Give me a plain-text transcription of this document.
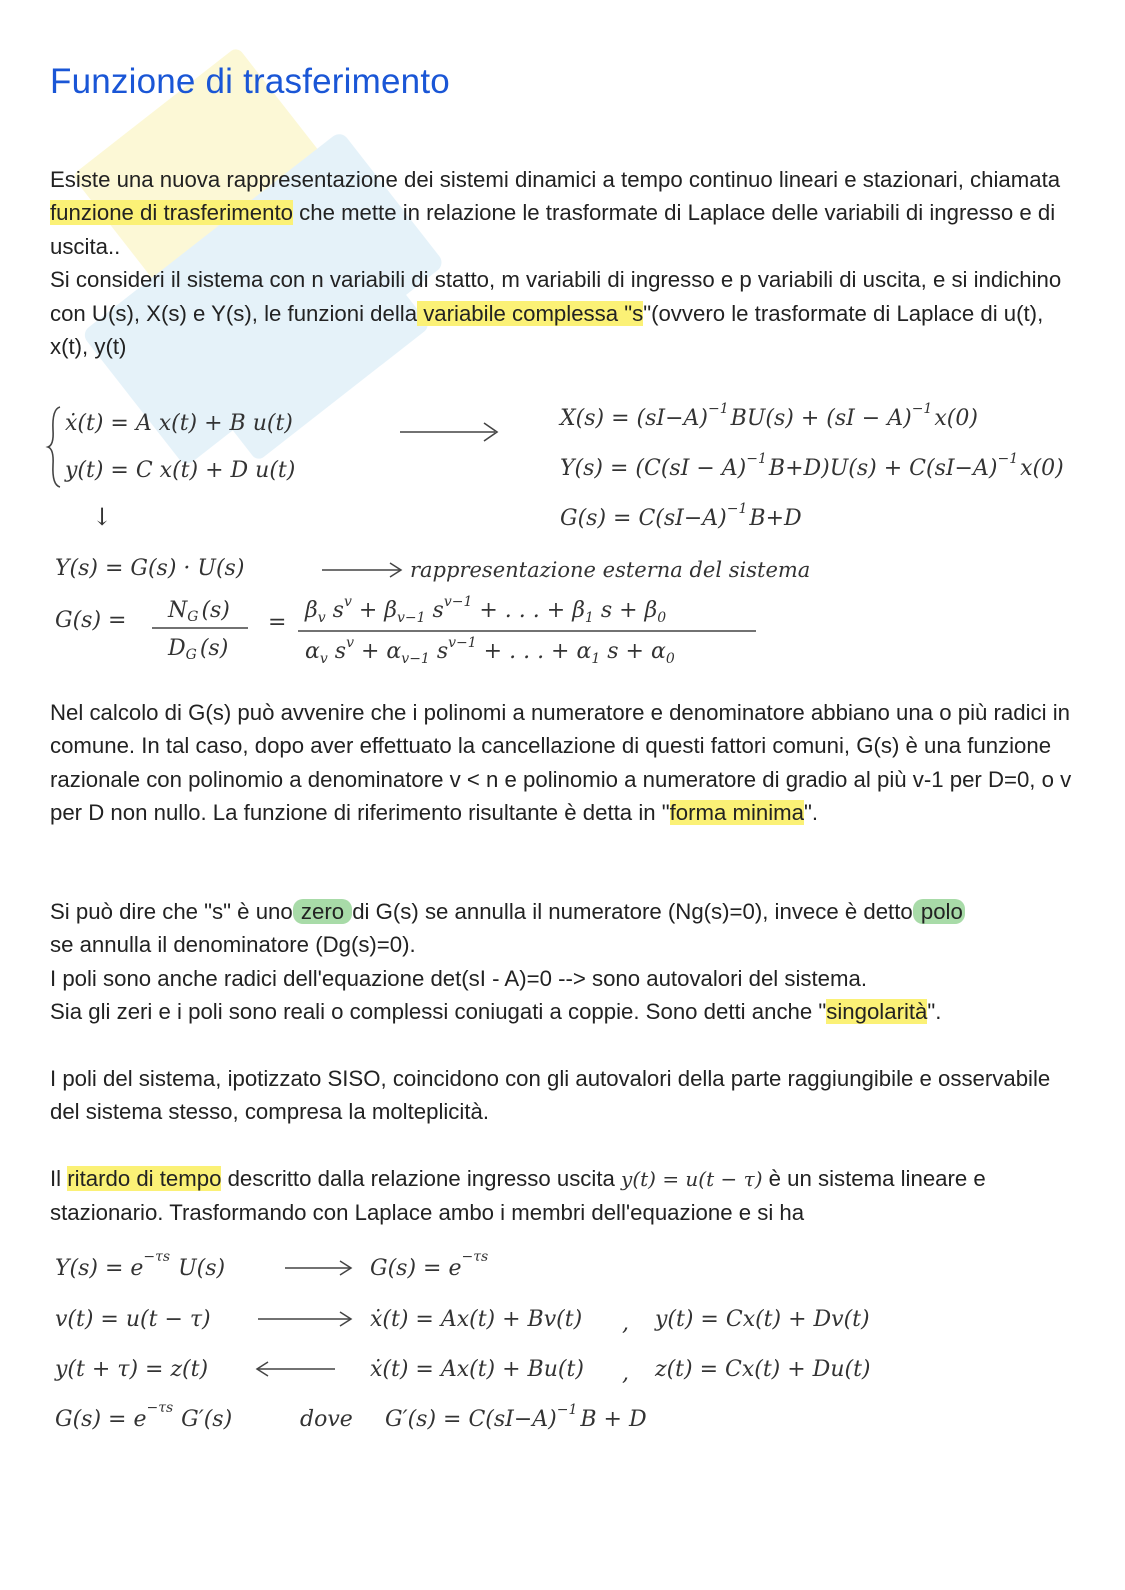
Funzione di trasferimento

Esiste una nuova rappresentazione dei sistemi dinamici a tempo continuo lineari e stazionari, chiamata funzione di trasferimento che mette in relazione le trasformate di Laplace delle variabili di ingresso e di uscita..
Si consideri il sistema con n variabili di statto, m variabili di ingresso e p variabili di uscita, e si indichino con U(s), X(s) e Y(s), le funzioni della variabile complessa "s"(ovvero le trasformate di Laplace di u(t), x(t), y(t)

ẋ(t) = A x(t) + B u(t)
y(t) = C x(t) + D u(t)
↓
$X(s) = (sI-A)^{-1}BU(s) + (sI - A)^{-1}x(0)$
$Y(s) = (C(sI - A)^{-1}B+D)U(s) + C(sI-A)^{-1}x(0)$
$G(s) = C(sI-A)^{-1}B+D$
Y(s) = G(s) · U(s)	rappresentazione esterna del sistema
G(s) = NG (s)
DG (s)
= $\beta_v$ $s^v + \beta_{v-1}$ $s^{v-1}$ + . . . + $\beta_1$ $s + \beta_0$
$\alpha_v$ $s^v + \alpha_{v-1}$ $s^{v-1}$ + . . . + $\alpha_1$ $s + \alpha_0$

Nel calcolo di G(s) può avvenire che i polinomi a numeratore e denominatore abbiano una o più radici in comune. In tal caso, dopo aver effettuato la cancellazione di questi fattori comuni, G(s) è una funzione razionale con polinomio a denominatore v < n e polinomio a numeratore di gradio al più v-1 per D=0, o v per D non nullo. La funzione di riferimento risultante è detta in "forma minima".

Si può dire che "s" è uno zero di G(s) se annulla il numeratore (Ng(s)=0), invece è detto polo
se annulla il denominatore (Dg(s)=0).
I poli sono anche radici dell'equazione det(sI - A)=0 --> sono autovalori del sistema.
Sia gli zeri e i poli sono reali o complessi coniugati a coppie. Sono detti anche "singolarità".

I poli del sistema, ipotizzato SISO, coincidono con gli autovalori della parte raggiungibile e osservabile del sistema stesso, compresa la molteplicità.

Il ritardo di tempo descritto dalla relazione ingresso uscita y(t) = u(t − τ) è un sistema lineare e stazionario. Trasformando con Laplace ambo i membri dell'equazione e si ha

$Y(s) = e^{-\tau s}$ U(s)	$G(s) = e^{-\tau s}$
v(t) = u(t − τ)	ẋ(t) = Ax(t) + Bv(t) , y(t) = Cx(t) + Dv(t)
y(t + τ) = z(t)	ẋ(t) = Ax(t) + Bu(t) , z(t) = Cx(t) + Du(t)
$G(s) = e^{-\tau s}$ G′(s)	dove $G'(s) = C(sI-A)^{-1}$ B + D
